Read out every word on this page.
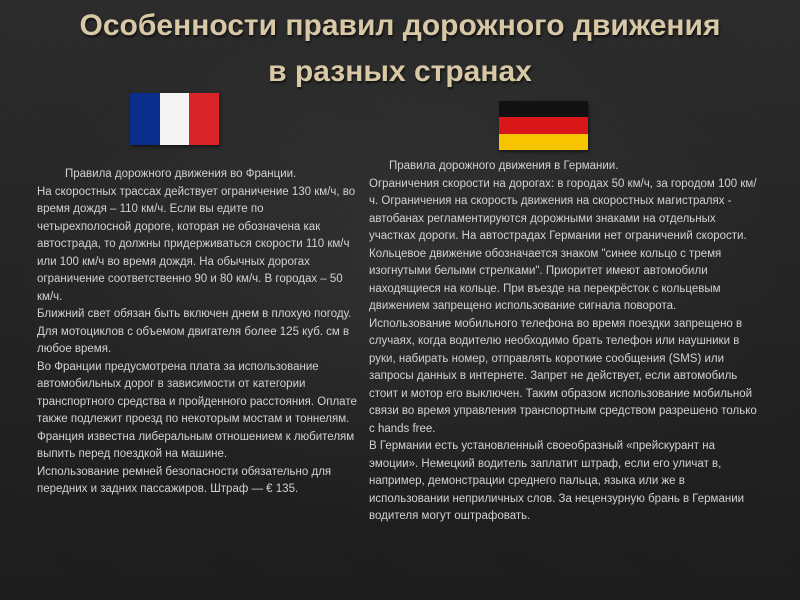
Особенности правил дорожного движения
в разных странах
Правила дорожного движения во Франции.
На скоростных трассах действует ограничение 130 км/ч, во время дождя – 110 км/ч. Если вы едите по четырехполосной дороге, которая не обозначена как автострада, то должны придерживаться скорости 110 км/ч или 100 км/ч во время дождя. На обычных дорогах ограничение соответственно 90 и 80 км/ч. В городах – 50 км/ч.
Ближний свет обязан быть включен днем в плохую погоду. Для мотоциклов с объемом двигателя более 125 куб. см в любое время.
Во Франции предусмотрена плата за использование автомобильных дорог в зависимости от категории транспортного средства и пройденного расстояния. Оплате также подлежит проезд по некоторым мостам и тоннелям.
Франция известна либеральным отношением к любителям выпить перед поездкой на машине.
Использование ремней безопасности обязательно для передних и задних пассажиров. Штраф — € 135.
Правила дорожного движения в Германии.
Ограничения скорости на дорогах: в городах 50 км/ч, за городом 100 км/ч. Ограничения на скорость движения на скоростных магистралях - автобанах регламентируются дорожными знаками на отдельных участках дороги. На автострадах Германии нет ограничений скорости.
Кольцевое движение обозначается знаком "синее кольцо с тремя изогнутыми белыми стрелками". Приоритет имеют автомобили находящиеся на кольце. При въезде на перекрёсток с кольцевым движением запрещено использование сигнала поворота.
Использование мобильного телефона во время поездки запрещено в случаях, когда водителю необходимо брать телефон или наушники в руки, набирать номер, отправлять короткие сообщения (SMS) или запросы данных в интернете. Запрет не действует, если автомобиль стоит и мотор его выключен. Таким образом использование мобильной связи во время управления транспортным средством разрешено только с hands free.
В Германии есть установленный своеобразный «прейскурант на эмоции». Немецкий водитель заплатит штраф, если его уличат в, например, демонстрации среднего пальца, языка или же в использовании неприличных слов. За нецензурную брань в Германии водителя могут оштрафовать.
